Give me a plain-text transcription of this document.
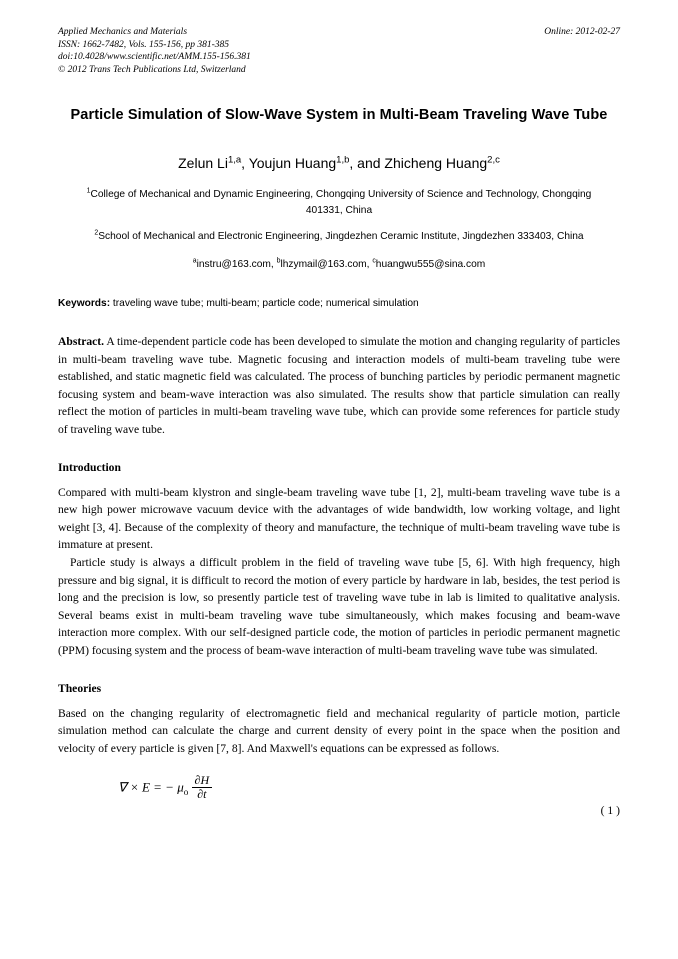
Applied Mechanics and Materials
ISSN: 1662-7482, Vols. 155-156, pp 381-385
doi:10.4028/www.scientific.net/AMM.155-156.381
© 2012 Trans Tech Publications Ltd, Switzerland
Online: 2012-02-27
Particle Simulation of Slow-Wave System in Multi-Beam Traveling Wave Tube
Zelun Li$^{1,a}$, Youjun Huang$^{1,b}$, and Zhicheng Huang$^{2,c}$
$^1$College of Mechanical and Dynamic Engineering, Chongqing University of Science and Technology, Chongqing 401331, China
$^2$School of Mechanical and Electronic Engineering, Jingdezhen Ceramic Institute, Jingdezhen 333403, China
$^a$instru@163.com, $^b$lhzymail@163.com, $^c$huangwu555@sina.com
Keywords: traveling wave tube; multi-beam; particle code; numerical simulation
Abstract. A time-dependent particle code has been developed to simulate the motion and changing regularity of particles in multi-beam traveling wave tube. Magnetic focusing and interaction models of multi-beam traveling tube were established, and static magnetic field was calculated. The process of bunching particles by periodic permanent magnetic focusing system and beam-wave interaction was also simulated. The results show that particle simulation can really reflect the motion of particles in multi-beam traveling wave tube, which can provide some references for particle study of traveling wave tube.
Introduction
Compared with multi-beam klystron and single-beam traveling wave tube [1, 2], multi-beam traveling wave tube is a new high power microwave vacuum device with the advantages of wide bandwidth, low working voltage, and light weight [3, 4]. Because of the complexity of theory and manufacture, the technique of multi-beam traveling wave tube is immature at present.
Particle study is always a difficult problem in the field of traveling wave tube [5, 6]. With high frequency, high pressure and big signal, it is difficult to record the motion of every particle by hardware in lab, besides, the test period is long and the precision is low, so presently particle test of traveling wave tube in lab is limited to qualitative analysis. Several beams exist in multi-beam traveling wave tube simultaneously, which makes focusing and beam-wave interaction more complex. With our self-designed particle code, the motion of particles in periodic permanent magnetic (PPM) focusing system and the process of beam-wave interaction of multi-beam traveling wave tube was simulated.
Theories
Based on the changing regularity of electromagnetic field and mechanical regularity of particle motion, particle simulation method can calculate the charge and current density of every point in the space when the position and velocity of every particle is given [7, 8]. And Maxwell's equations can be expressed as follows.
∇ × E = − $\mu_o \frac{\partial H}{\partial t}$
( 1 )
